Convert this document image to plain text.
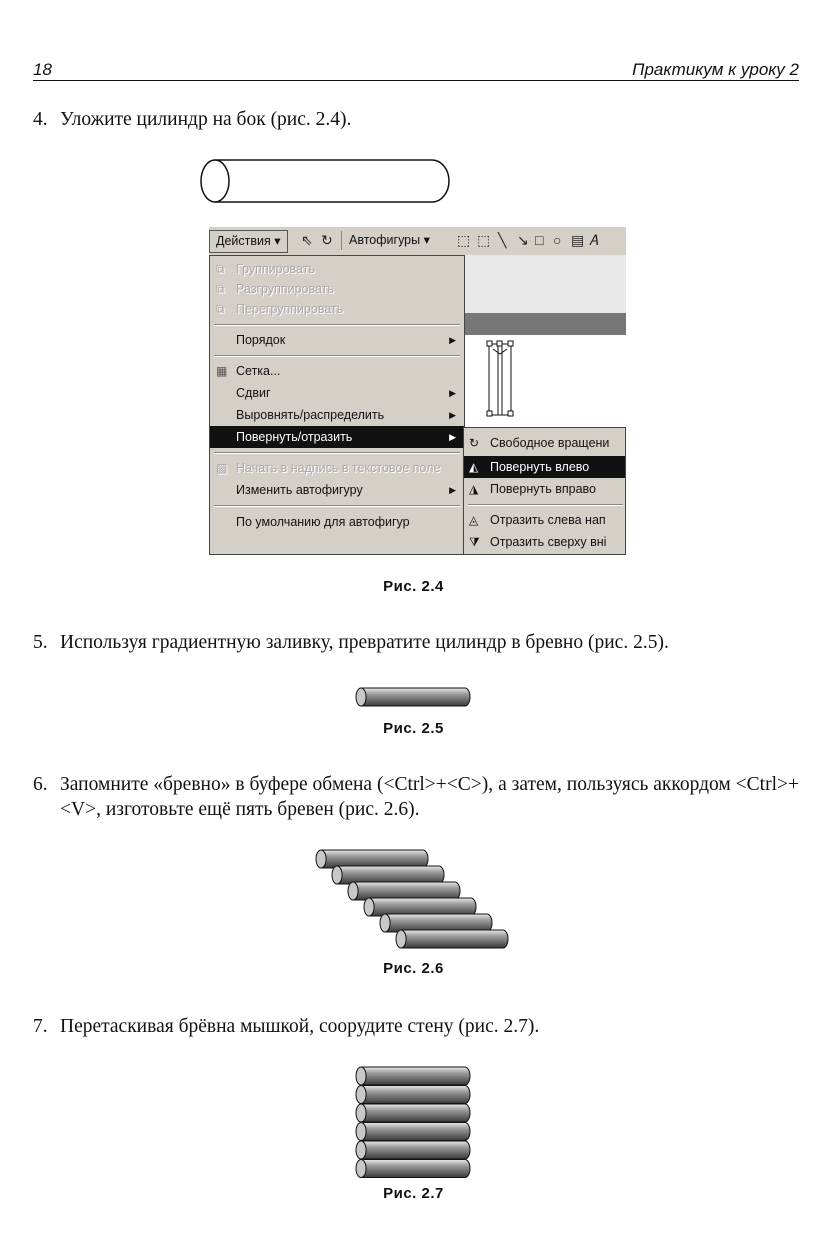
18	Практикум к уроку 2
4. Уложите цилиндр на бок (рис. 2.4).
Действия ▾	⇖ ↻ Автофигуры ▾ ⬚ ⬚ ╲ ↘ □ ○ ▤ 𝐴
⧉ Группировать
⧉ Разгруппировать
⧉ Перегруппировать
Порядок	▶
▦ Сетка...
Сдвиг	▶
Выровнять/распределить	▶
Повернуть/отразить	▶
▨ Начать в надпись в текстовое поле
Изменить автофигуру	▶
По умолчанию для автофигур
↻ Свободное вращени
◭ Повернуть влево
◮ Повернуть вправо
◬ Отразить слева нап
⧩ Отразить сверху вні
Рис. 2.4
5. Используя градиентную заливку, превратите цилиндр в бревно (рис. 2.5).
Рис. 2.5
6. Запомните «бревно» в буфере обмена (<Ctrl>+<C>), а затем, пользуясь аккордом <Ctrl>+<V>, изготовьте ещё пять бревен (рис. 2.6).
Рис. 2.6
7. Перетаскивая брёвна мышкой, соорудите стену (рис. 2.7).
Рис. 2.7
